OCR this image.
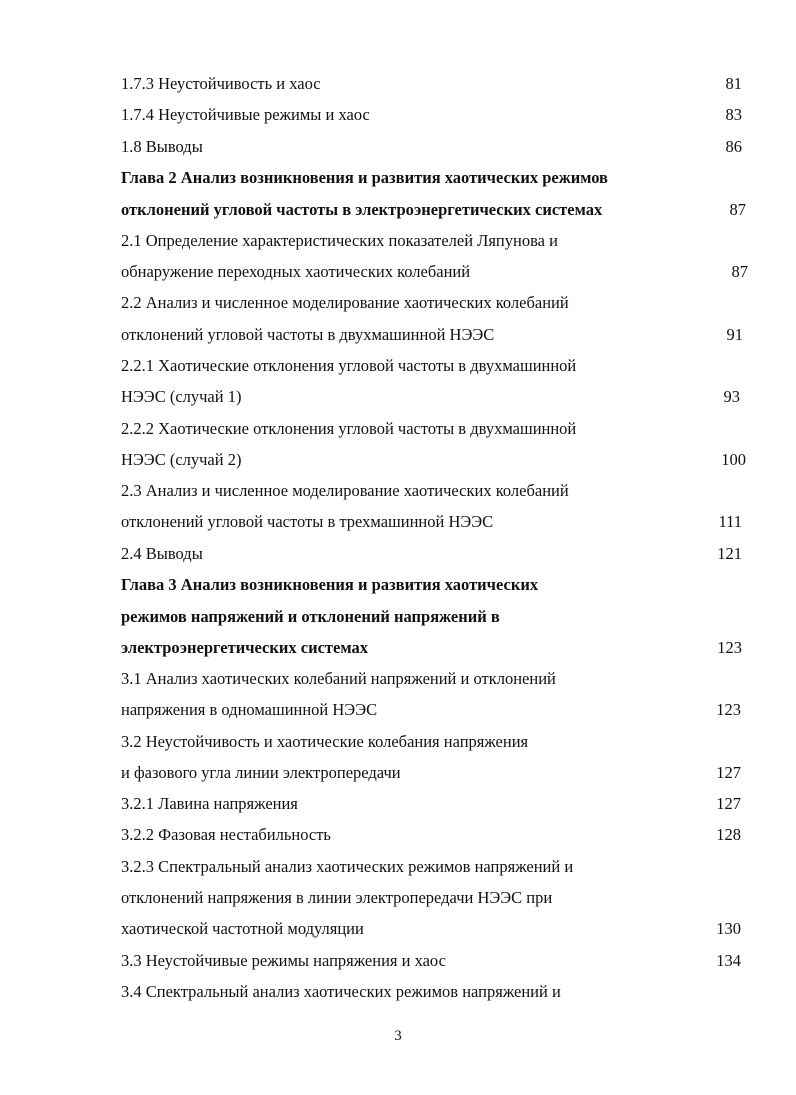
1.7.3 Неустойчивость и хаос	81
1.7.4 Неустойчивые режимы и хаос	83
1.8 Выводы	86
Глава 2 Анализ возникновения и развития хаотических режимов
отклонений угловой частоты в электроэнергетических системах	87
2.1 Определение характеристических показателей Ляпунова и
обнаружение переходных хаотических колебаний	87
2.2 Анализ и численное моделирование хаотических колебаний
отклонений угловой частоты в двухмашинной НЭЭС	91
2.2.1 Хаотические отклонения угловой частоты в двухмашинной
НЭЭС (случай 1)	93
2.2.2 Хаотические отклонения угловой частоты в двухмашинной
НЭЭС (случай 2)	100
2.3 Анализ и численное моделирование хаотических колебаний
отклонений угловой частоты в трехмашинной НЭЭС	111
2.4 Выводы	121
Глава 3 Анализ возникновения и развития хаотических
режимов напряжений и отклонений напряжений в
электроэнергетических системах	123
3.1 Анализ хаотических колебаний напряжений и отклонений
напряжения в одномашинной НЭЭС	123
3.2 Неустойчивость и хаотические колебания напряжения
и фазового угла линии электропередачи	127
3.2.1 Лавина напряжения	127
3.2.2 Фазовая нестабильность	128
3.2.3 Спектральный анализ хаотических режимов напряжений и
отклонений напряжения в линии электропередачи НЭЭС при
хаотической частотной модуляции	130
3.3 Неустойчивые режимы напряжения и хаос	134
3.4 Спектральный анализ хаотических режимов напряжений и
3
